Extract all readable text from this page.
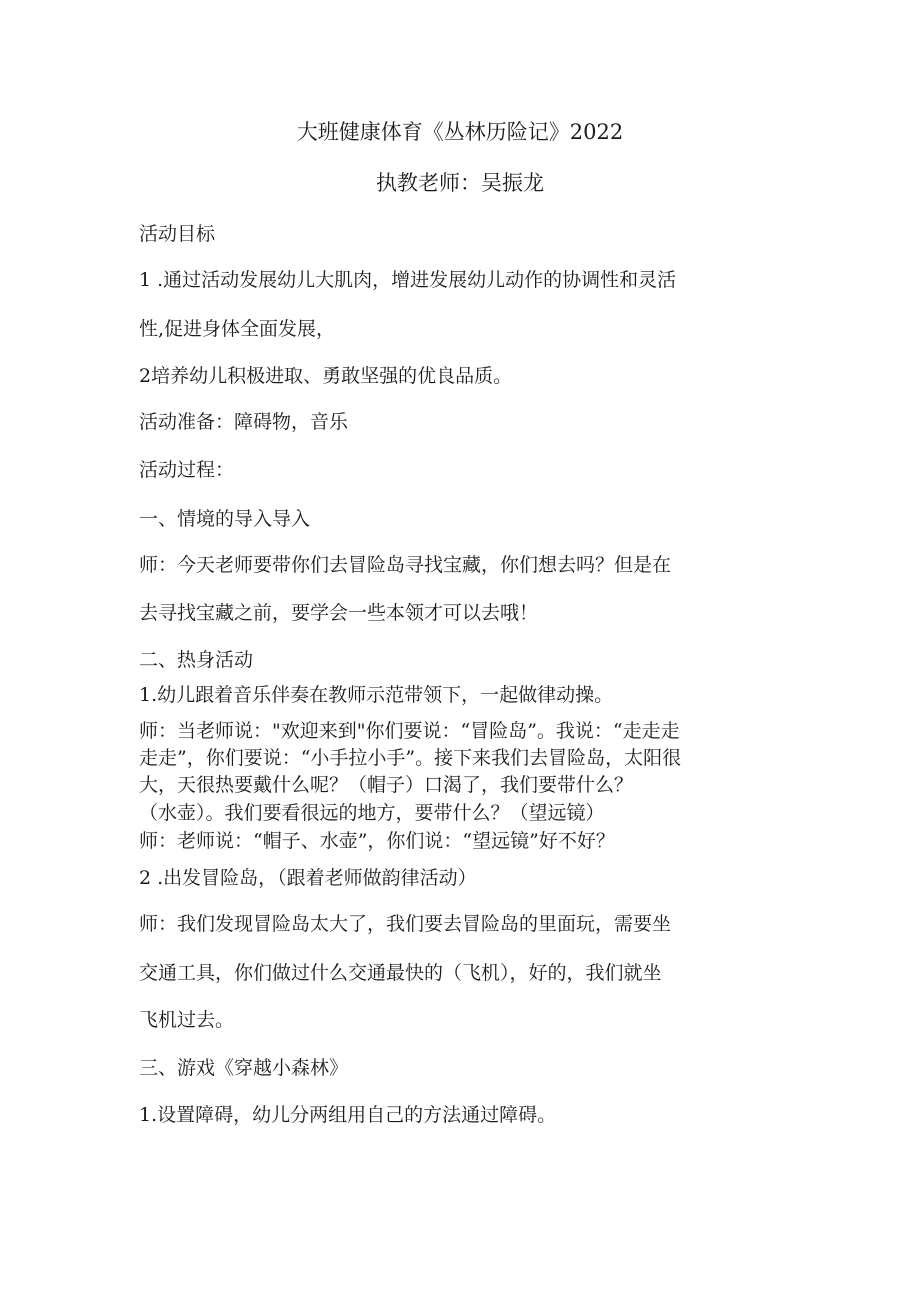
大班健康体育《丛林历险记》2022
执教老师：吴振龙
活动目标
1 .通过活动发展幼儿大肌肉，增进发展幼儿动作的协调性和灵活
性,促进身体全面发展，
2培养幼儿积极进取、勇敢坚强的优良品质。
活动准备：障碍物，音乐
活动过程：
一、情境的导入导入
师：今天老师要带你们去冒险岛寻找宝藏，你们想去吗？但是在
去寻找宝藏之前，要学会一些本领才可以去哦！
二、热身活动
1.幼儿跟着音乐伴奏在教师示范带领下，一起做律动操。
师：当老师说："欢迎来到"你们要说：“冒险岛”。我说：“走走走
走走”，你们要说：“小手拉小手”。接下来我们去冒险岛，太阳很
大，天很热要戴什么呢？（帽子）口渴了，我们要带什么？
（水壶）。我们要看很远的地方，要带什么？（望远镜）
师：老师说：“帽子、水壶”，你们说：“望远镜”好不好？
2 .出发冒险岛，（跟着老师做韵律活动）
师：我们发现冒险岛太大了，我们要去冒险岛的里面玩，需要坐
交通工具，你们做过什么交通最快的（飞机），好的，我们就坐
飞机过去。
三、游戏《穿越小森林》
1.设置障碍，幼儿分两组用自己的方法通过障碍。
